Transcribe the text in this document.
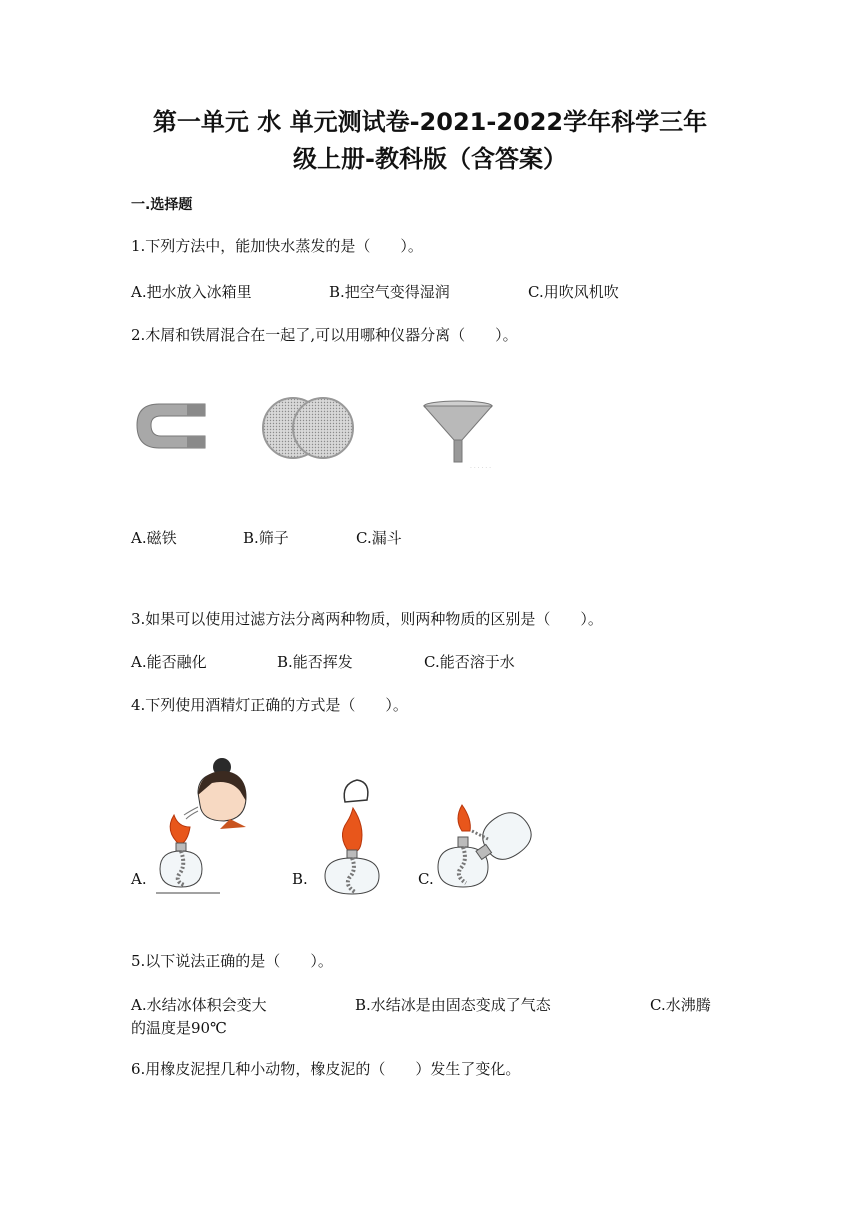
第一单元 水 单元测试卷-2021-2022学年科学三年
级上册-教科版（含答案）
一.选择题
1.下列方法中，能加快水蒸发的是（　　）。
A.把水放入冰箱里	B.把空气变得湿润	C.用吹风机吹
2.木屑和铁屑混合在一起了,可以用哪种仪器分离（　　）。
· · · · · ·
A.磁铁	B.筛子	C.漏斗
3.如果可以使用过滤方法分离两种物质，则两种物质的区别是（　　）。
A.能否融化	B.能否挥发	C.能否溶于水
4.下列使用酒精灯正确的方式是（　　）。
A.	B.	C.
5.以下说法正确的是（　　）。
A.水结冰体积会变大	B.水结冰是由固态变成了气态	C.水沸腾
的温度是90℃
6.用橡皮泥捏几种小动物，橡皮泥的（　　）发生了变化。
